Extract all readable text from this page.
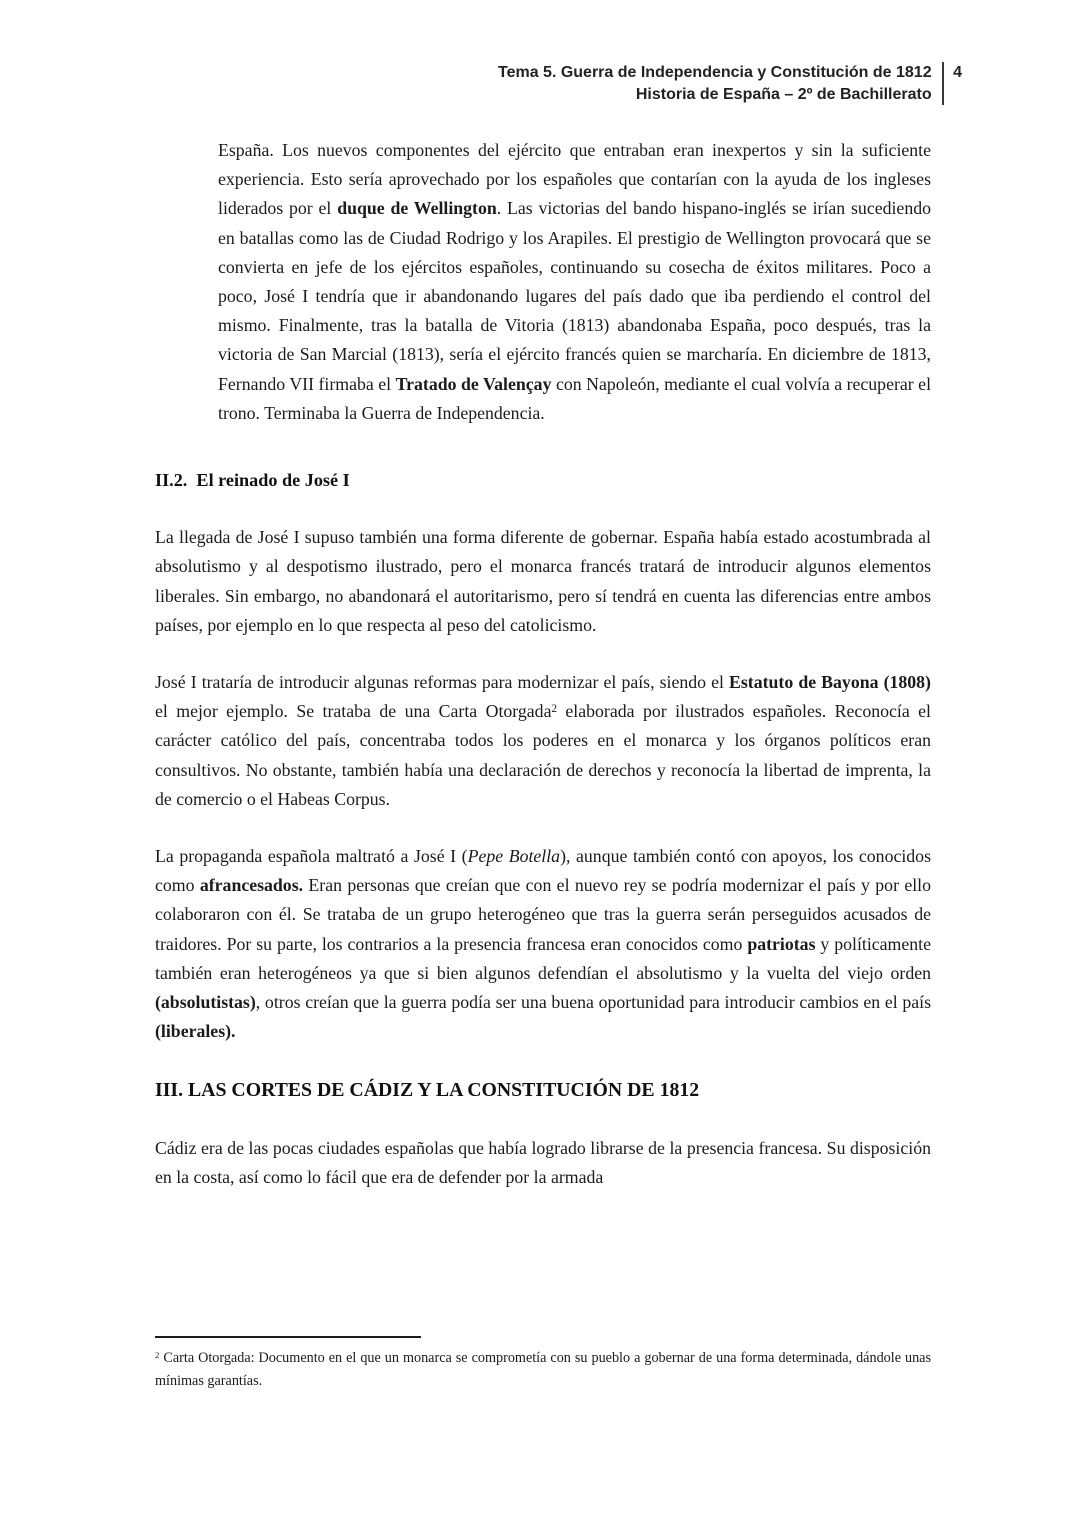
Tema 5. Guerra de Independencia y Constitución de 1812
Historia de España – 2º de Bachillerato
4

España. Los nuevos componentes del ejército que entraban eran inexpertos y sin la suficiente experiencia. Esto sería aprovechado por los españoles que contarían con la ayuda de los ingleses liderados por el duque de Wellington. Las victorias del bando hispano-inglés se irían sucediendo en batallas como las de Ciudad Rodrigo y los Arapiles. El prestigio de Wellington provocará que se convierta en jefe de los ejércitos españoles, continuando su cosecha de éxitos militares. Poco a poco, José I tendría que ir abandonando lugares del país dado que iba perdiendo el control del mismo. Finalmente, tras la batalla de Vitoria (1813) abandonaba España, poco después, tras la victoria de San Marcial (1813), sería el ejército francés quien se marcharía. En diciembre de 1813, Fernando VII firmaba el Tratado de Valençay con Napoleón, mediante el cual volvía a recuperar el trono. Terminaba la Guerra de Independencia.

II.2.  El reinado de José I

La llegada de José I supuso también una forma diferente de gobernar. España había estado acostumbrada al absolutismo y al despotismo ilustrado, pero el monarca francés tratará de introducir algunos elementos liberales. Sin embargo, no abandonará el autoritarismo, pero sí tendrá en cuenta las diferencias entre ambos países, por ejemplo en lo que respecta al peso del catolicismo.

José I trataría de introducir algunas reformas para modernizar el país, siendo el Estatuto de Bayona (1808) el mejor ejemplo. Se trataba de una Carta Otorgada$^2$ elaborada por ilustrados españoles. Reconocía el carácter católico del país, concentraba todos los poderes en el monarca y los órganos políticos eran consultivos. No obstante, también había una declaración de derechos y reconocía la libertad de imprenta, la de comercio o el Habeas Corpus.

La propaganda española maltrató a José I (Pepe Botella), aunque también contó con apoyos, los conocidos como afrancesados. Eran personas que creían que con el nuevo rey se podría modernizar el país y por ello colaboraron con él. Se trataba de un grupo heterogéneo que tras la guerra serán perseguidos acusados de traidores. Por su parte, los contrarios a la presencia francesa eran conocidos como patriotas y políticamente también eran heterogéneos ya que si bien algunos defendían el absolutismo y la vuelta del viejo orden (absolutistas), otros creían que la guerra podía ser una buena oportunidad para introducir cambios en el país (liberales).

III. LAS CORTES DE CÁDIZ Y LA CONSTITUCIÓN DE 1812

Cádiz era de las pocas ciudades españolas que había logrado librarse de la presencia francesa. Su disposición en la costa, así como lo fácil que era de defender por la armada

$^2$ Carta Otorgada: Documento en el que un monarca se comprometía con su pueblo a gobernar de una forma determinada, dándole unas mínimas garantías.
